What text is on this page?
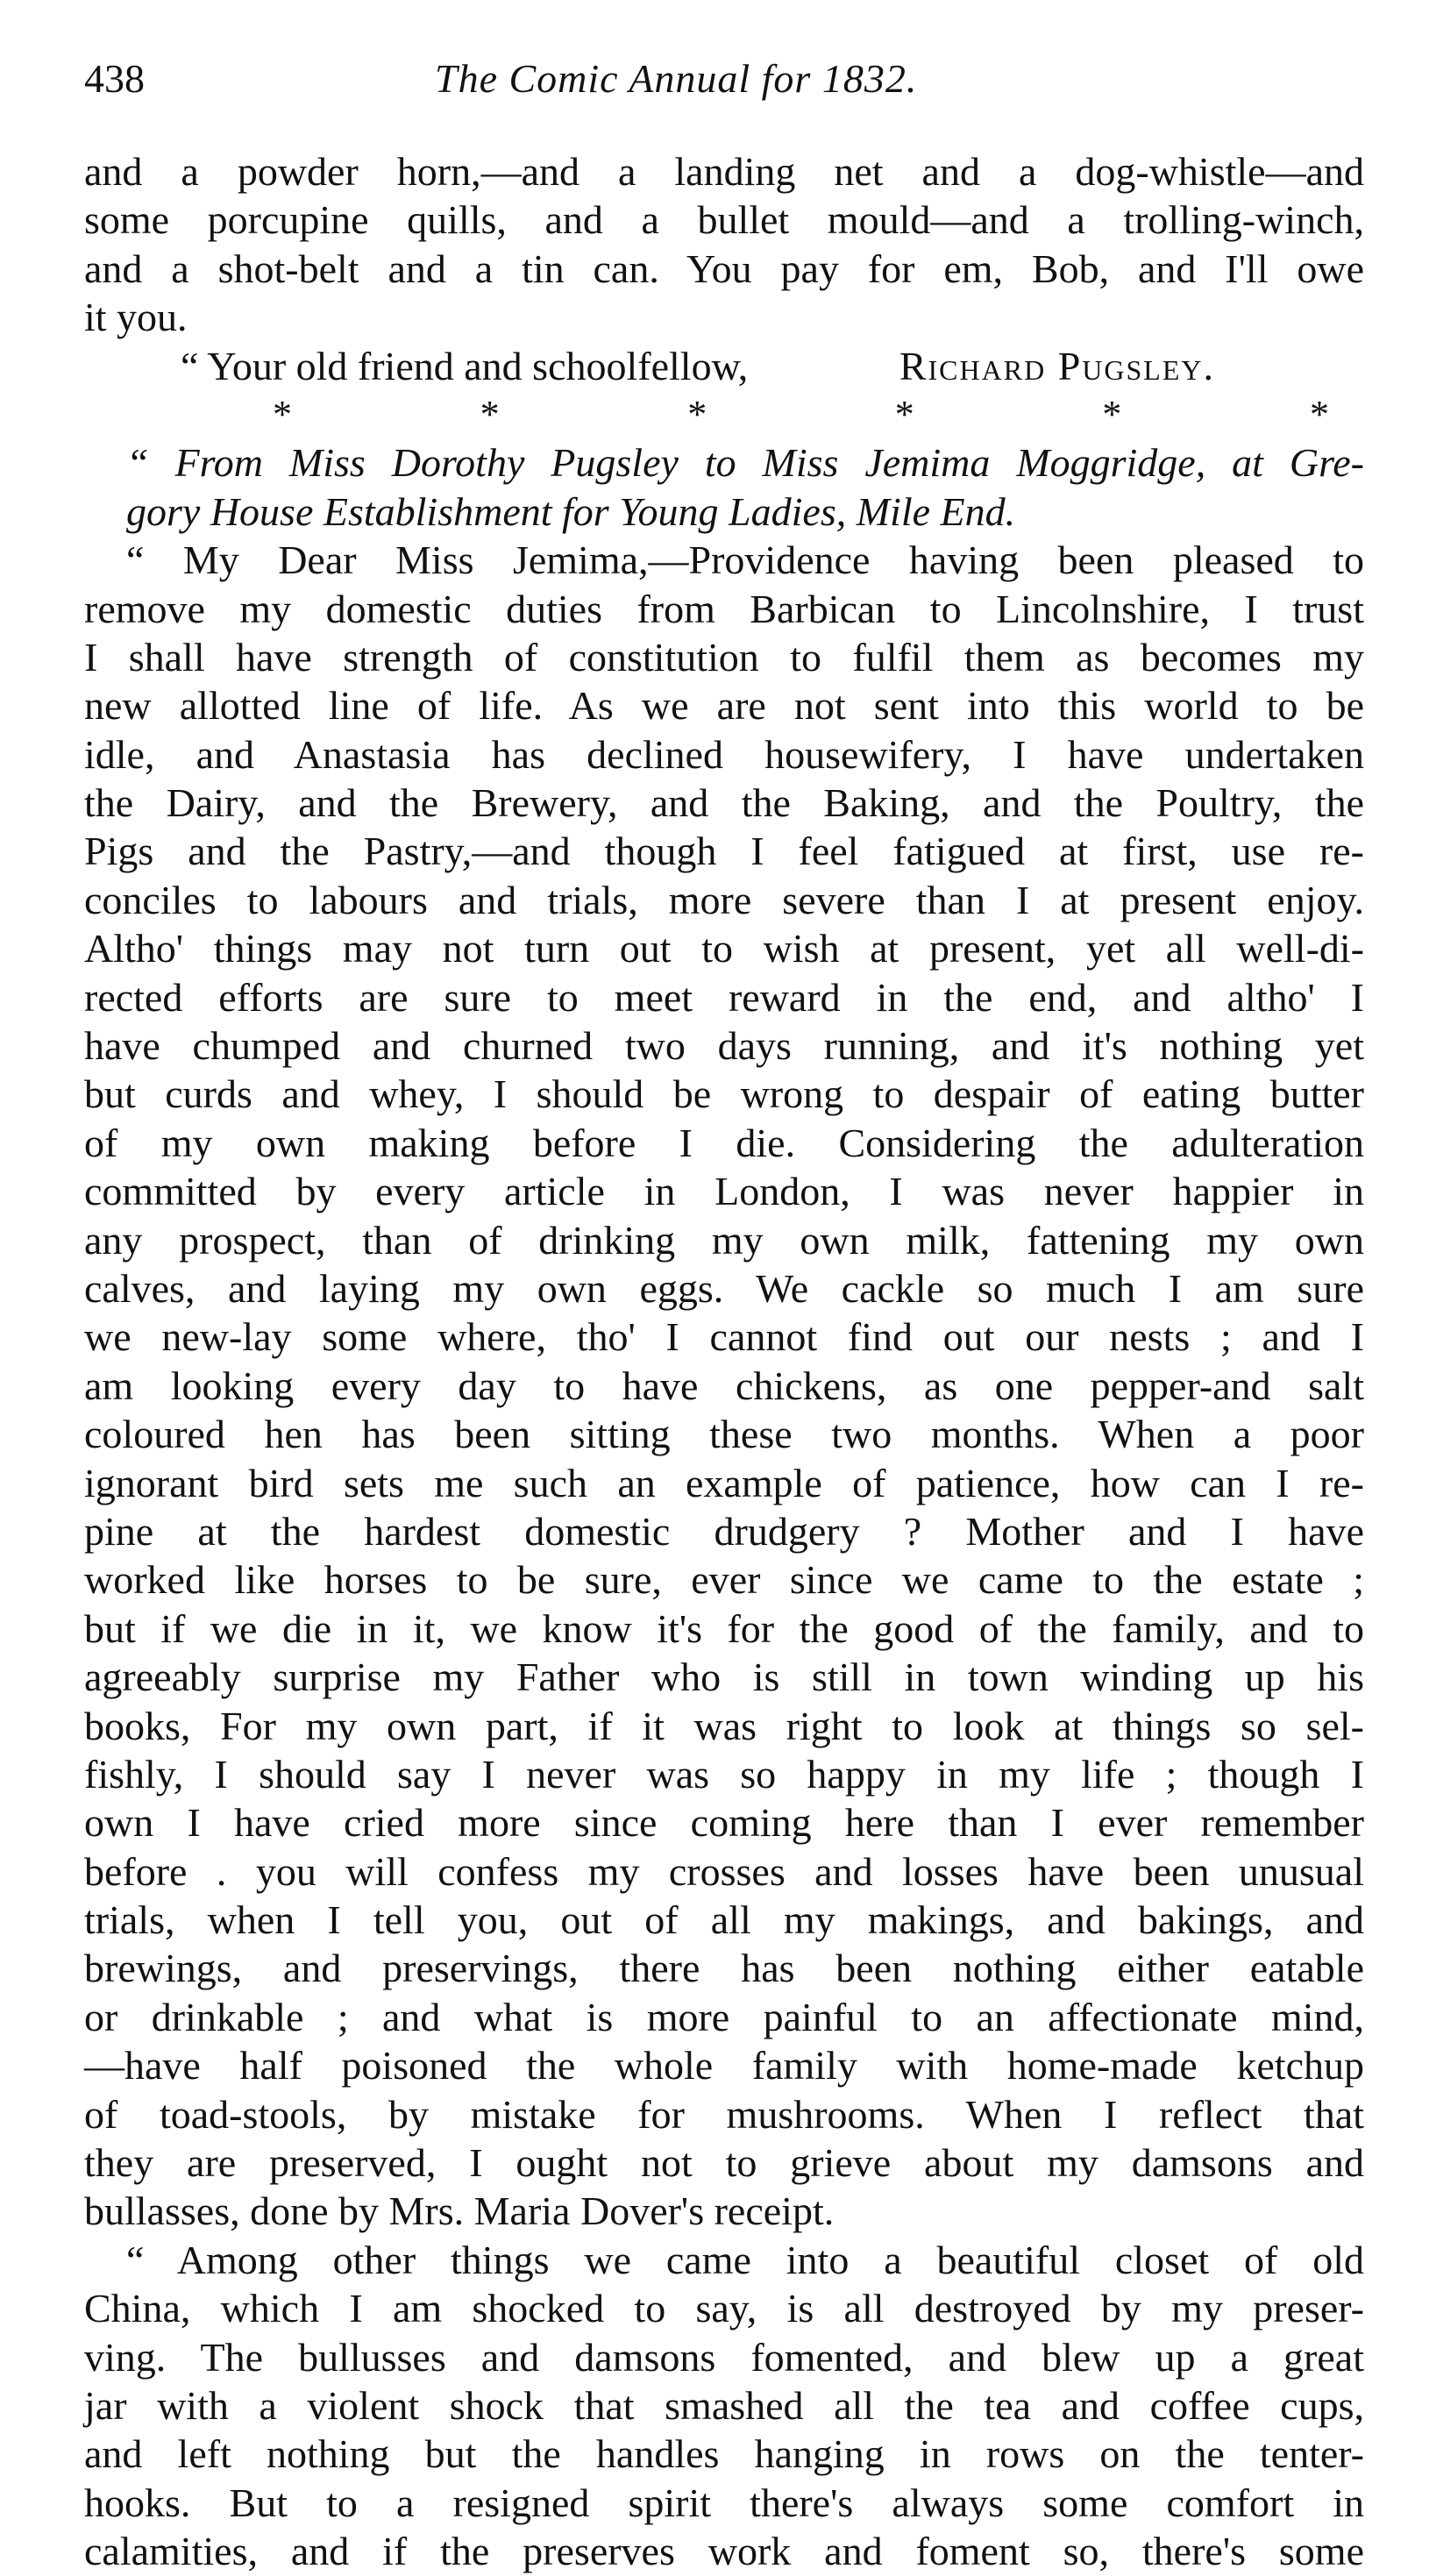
438	The Comic Annual for 1832.
and a powder horn,—and a landing net and a dog-whistle—and
some porcupine quills, and a bullet mould—and a trolling-winch,
and a shot-belt and a tin can. You pay for em, Bob, and I'll owe
it you.
“ Your old friend and schoolfellow,	Richard Pugsley.
*	*	*	*	*	*
“ From Miss Dorothy Pugsley to Miss Jemima Moggridge, at Gre-
gory House Establishment for Young Ladies, Mile End.
“ My Dear Miss Jemima,—Providence having been pleased to
remove my domestic duties from Barbican to Lincolnshire, I trust
I shall have strength of constitution to fulfil them as becomes my
new allotted line of life. As we are not sent into this world to be
idle, and Anastasia has declined housewifery, I have undertaken
the Dairy, and the Brewery, and the Baking, and the Poultry, the
Pigs and the Pastry,—and though I feel fatigued at first, use re-
conciles to labours and trials, more severe than I at present enjoy.
Altho' things may not turn out to wish at present, yet all well-di-
rected efforts are sure to meet reward in the end, and altho' I
have chumped and churned two days running, and it's nothing yet
but curds and whey, I should be wrong to despair of eating butter
of my own making before I die. Considering the adulteration
committed by every article in London, I was never happier in
any prospect, than of drinking my own milk, fattening my own
calves, and laying my own eggs. We cackle so much I am sure
we new-lay some where, tho' I cannot find out our nests ; and I
am looking every day to have chickens, as one pepper-and salt
coloured hen has been sitting these two months. When a poor
ignorant bird sets me such an example of patience, how can I re-
pine at the hardest domestic drudgery ? Mother and I have
worked like horses to be sure, ever since we came to the estate ;
but if we die in it, we know it's for the good of the family, and to
agreeably surprise my Father who is still in town winding up his
books, For my own part, if it was right to look at things so sel-
fishly, I should say I never was so happy in my life ; though I
own I have cried more since coming here than I ever remember
before . you will confess my crosses and losses have been unusual
trials, when I tell you, out of all my makings, and bakings, and
brewings, and preservings, there has been nothing either eatable
or drinkable ; and what is more painful to an affectionate mind,
—have half poisoned the whole family with home-made ketchup
of toad-stools, by mistake for mushrooms. When I reflect that
they are preserved, I ought not to grieve about my damsons and
bullasses, done by Mrs. Maria Dover's receipt.
“ Among other things we came into a beautiful closet of old
China, which I am shocked to say, is all destroyed by my preser-
ving. The bullusses and damsons fomented, and blew up a great
jar with a violent shock that smashed all the tea and coffee cups,
and left nothing but the handles hanging in rows on the tenter-
hooks. But to a resigned spirit there's always some comfort in
calamities, and if the preserves work and foment so, there's some
